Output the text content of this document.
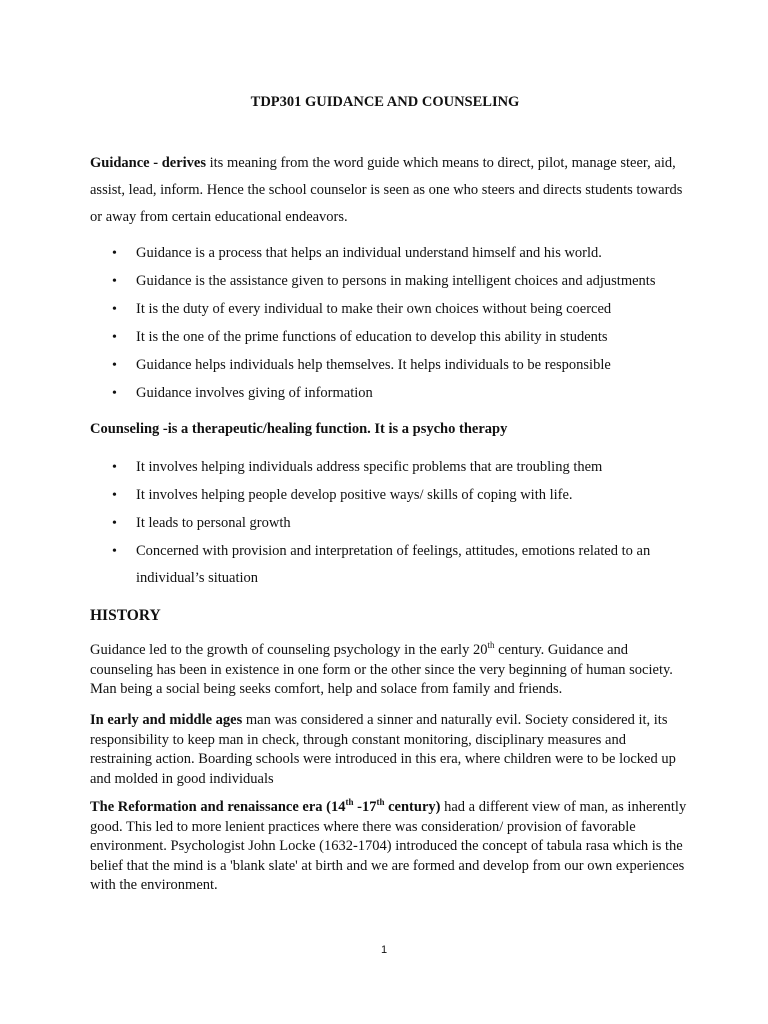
TDP301 GUIDANCE AND COUNSELING
Guidance - derives its meaning from the word guide which means to direct, pilot, manage steer, aid, assist, lead, inform. Hence the school counselor is seen as one who steers and directs students towards or away from certain educational endeavors.
• Guidance is a process that helps an individual understand himself and his world.
• Guidance is the assistance given to persons in making intelligent choices and adjustments
• It is the duty of every individual to make their own choices without being coerced
• It is the one of the prime functions of education to develop this ability in students
• Guidance helps individuals help themselves. It helps individuals to be responsible
• Guidance involves giving of information
Counseling -is a therapeutic/healing function. It is a psycho therapy
• It involves helping individuals address specific problems that are troubling them
• It involves helping people develop positive ways/ skills of coping with life.
• It leads to personal growth
• Concerned with provision and interpretation of feelings, attitudes, emotions related to an individual’s situation
HISTORY
Guidance led to the growth of counseling psychology in the early 20th century. Guidance and counseling has been in existence in one form or the other since the very beginning of human society. Man being a social being seeks comfort, help and solace from family and friends.
In early and middle ages man was considered a sinner and naturally evil. Society considered it, its responsibility to keep man in check, through constant monitoring, disciplinary measures and restraining action. Boarding schools were introduced in this era, where children were to be locked up and molded in good individuals
The Reformation and renaissance era (14th -17th century) had a different view of man, as inherently good. This led to more lenient practices where there was consideration/ provision of favorable environment. Psychologist John Locke (1632-1704) introduced the concept of tabula rasa which is the belief that the mind is a 'blank slate' at birth and we are formed and develop from our own experiences with the environment.
1
